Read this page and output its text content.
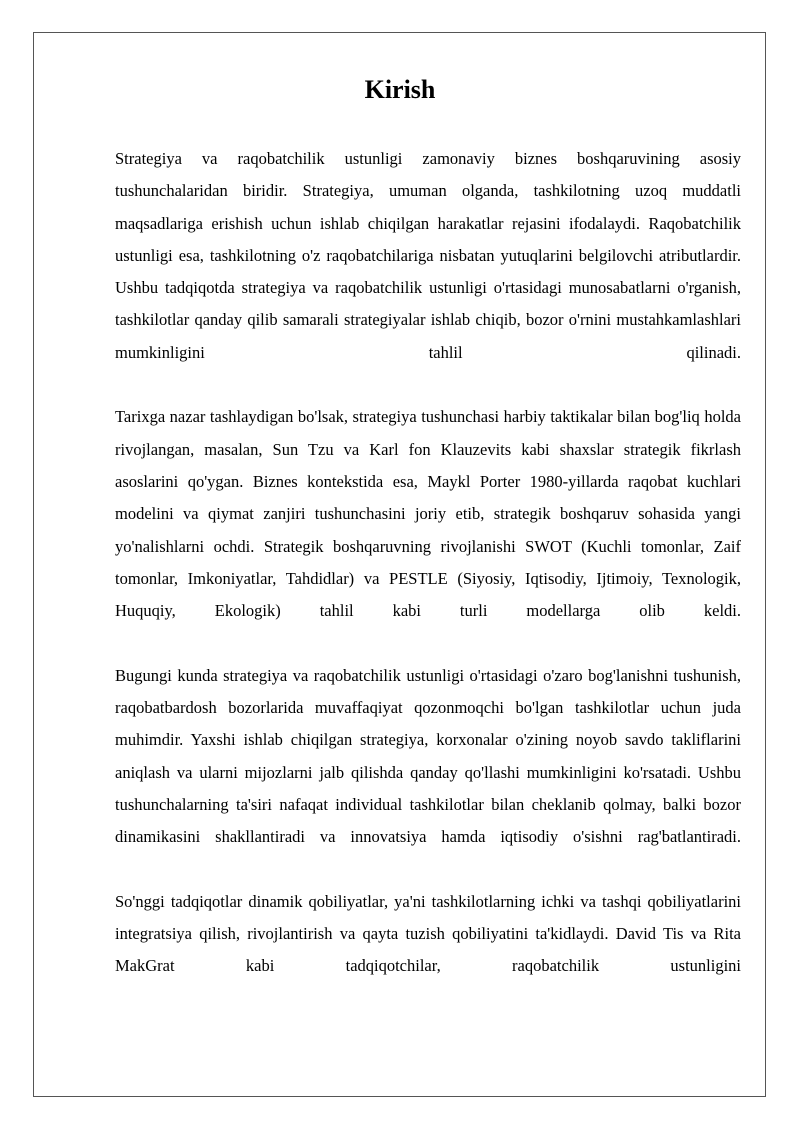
Kirish

Strategiya va raqobatchilik ustunligi zamonaviy biznes boshqaruvining asosiy tushunchalaridan biridir. Strategiya, umuman olganda, tashkilotning uzoq muddatli maqsadlariga erishish uchun ishlab chiqilgan harakatlar rejasini ifodalaydi. Raqobatchilik ustunligi esa, tashkilotning o'z raqobatchilariga nisbatan yutuqlarini belgilovchi atributlardir. Ushbu tadqiqotda strategiya va raqobatchilik ustunligi o'rtasidagi munosabatlarni o'rganish, tashkilotlar qanday qilib samarali strategiyalar ishlab chiqib, bozor o'rnini mustahkamlashlari mumkinligini tahlil qilinadi.

Tarixga nazar tashlaydigan bo'lsak, strategiya tushunchasi harbiy taktikalar bilan bog'liq holda rivojlangan, masalan, Sun Tzu va Karl fon Klauzevits kabi shaxslar strategik fikrlash asoslarini qo'ygan. Biznes kontekstida esa, Maykl Porter 1980-yillarda raqobat kuchlari modelini va qiymat zanjiri tushunchasini joriy etib, strategik boshqaruv sohasida yangi yo'nalishlarni ochdi. Strategik boshqaruvning rivojlanishi SWOT (Kuchli tomonlar, Zaif tomonlar, Imkoniyatlar, Tahdidlar) va PESTLE (Siyosiy, Iqtisodiy, Ijtimoiy, Texnologik, Huquqiy, Ekologik) tahlil kabi turli modellarga olib keldi.

Bugungi kunda strategiya va raqobatchilik ustunligi o'rtasidagi o'zaro bog'lanishni tushunish, raqobatbardosh bozorlarida muvaffaqiyat qozonmoqchi bo'lgan tashkilotlar uchun juda muhimdir. Yaxshi ishlab chiqilgan strategiya, korxonalar o'zining noyob savdo takliflarini aniqlash va ularni mijozlarni jalb qilishda qanday qo'llashi mumkinligini ko'rsatadi. Ushbu tushunchalarning ta'siri nafaqat individual tashkilotlar bilan cheklanib qolmay, balki bozor dinamikasini shakllantiradi va innovatsiya hamda iqtisodiy o'sishni rag'batlantiradi.

So'nggi tadqiqotlar dinamik qobiliyatlar, ya'ni tashkilotlarning ichki va tashqi qobiliyatlarini integratsiya qilish, rivojlantirish va qayta tuzish qobiliyatini ta'kidlaydi. David Tis va Rita MakGrat kabi tadqiqotchilar, raqobatchilik ustunligini
